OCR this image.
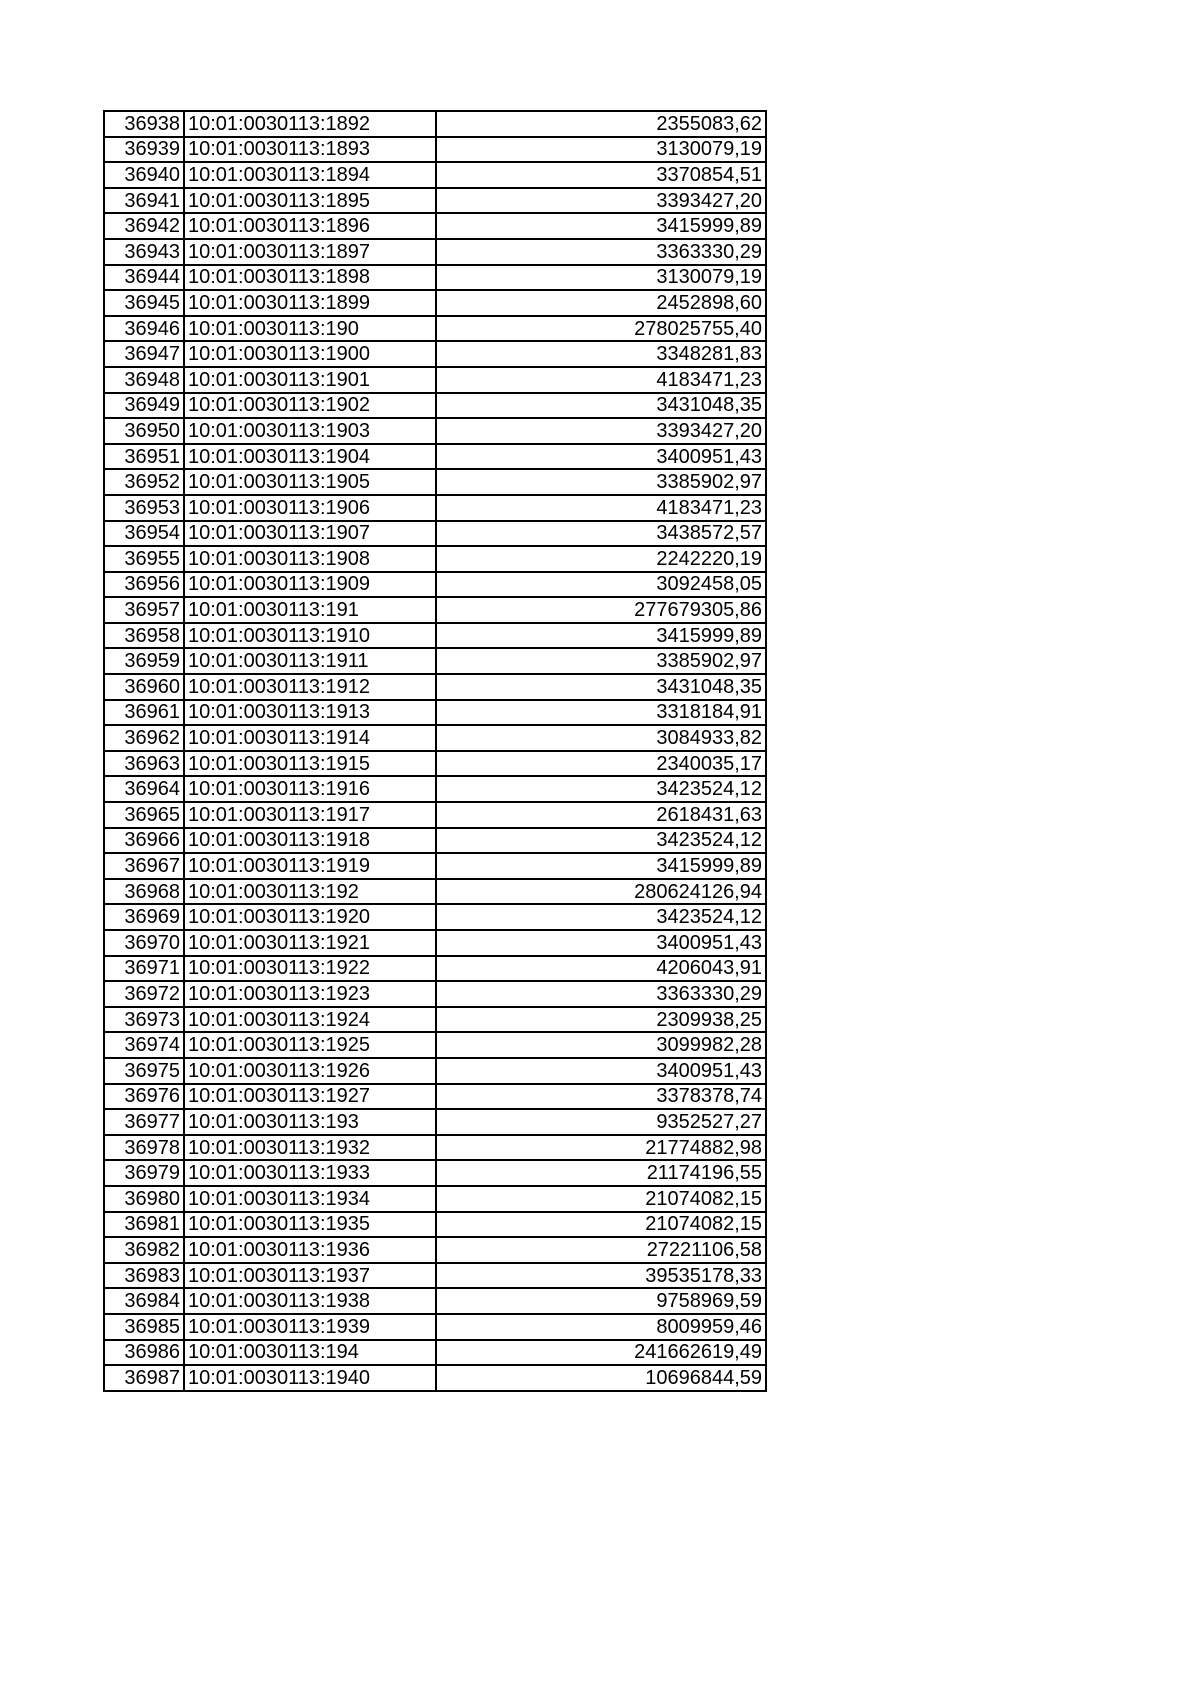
36938	10:01:0030113:1892	2355083,62
36939	10:01:0030113:1893	3130079,19
36940	10:01:0030113:1894	3370854,51
36941	10:01:0030113:1895	3393427,20
36942	10:01:0030113:1896	3415999,89
36943	10:01:0030113:1897	3363330,29
36944	10:01:0030113:1898	3130079,19
36945	10:01:0030113:1899	2452898,60
36946	10:01:0030113:190	278025755,40
36947	10:01:0030113:1900	3348281,83
36948	10:01:0030113:1901	4183471,23
36949	10:01:0030113:1902	3431048,35
36950	10:01:0030113:1903	3393427,20
36951	10:01:0030113:1904	3400951,43
36952	10:01:0030113:1905	3385902,97
36953	10:01:0030113:1906	4183471,23
36954	10:01:0030113:1907	3438572,57
36955	10:01:0030113:1908	2242220,19
36956	10:01:0030113:1909	3092458,05
36957	10:01:0030113:191	277679305,86
36958	10:01:0030113:1910	3415999,89
36959	10:01:0030113:1911	3385902,97
36960	10:01:0030113:1912	3431048,35
36961	10:01:0030113:1913	3318184,91
36962	10:01:0030113:1914	3084933,82
36963	10:01:0030113:1915	2340035,17
36964	10:01:0030113:1916	3423524,12
36965	10:01:0030113:1917	2618431,63
36966	10:01:0030113:1918	3423524,12
36967	10:01:0030113:1919	3415999,89
36968	10:01:0030113:192	280624126,94
36969	10:01:0030113:1920	3423524,12
36970	10:01:0030113:1921	3400951,43
36971	10:01:0030113:1922	4206043,91
36972	10:01:0030113:1923	3363330,29
36973	10:01:0030113:1924	2309938,25
36974	10:01:0030113:1925	3099982,28
36975	10:01:0030113:1926	3400951,43
36976	10:01:0030113:1927	3378378,74
36977	10:01:0030113:193	9352527,27
36978	10:01:0030113:1932	21774882,98
36979	10:01:0030113:1933	21174196,55
36980	10:01:0030113:1934	21074082,15
36981	10:01:0030113:1935	21074082,15
36982	10:01:0030113:1936	27221106,58
36983	10:01:0030113:1937	39535178,33
36984	10:01:0030113:1938	9758969,59
36985	10:01:0030113:1939	8009959,46
36986	10:01:0030113:194	241662619,49
36987	10:01:0030113:1940	10696844,59
